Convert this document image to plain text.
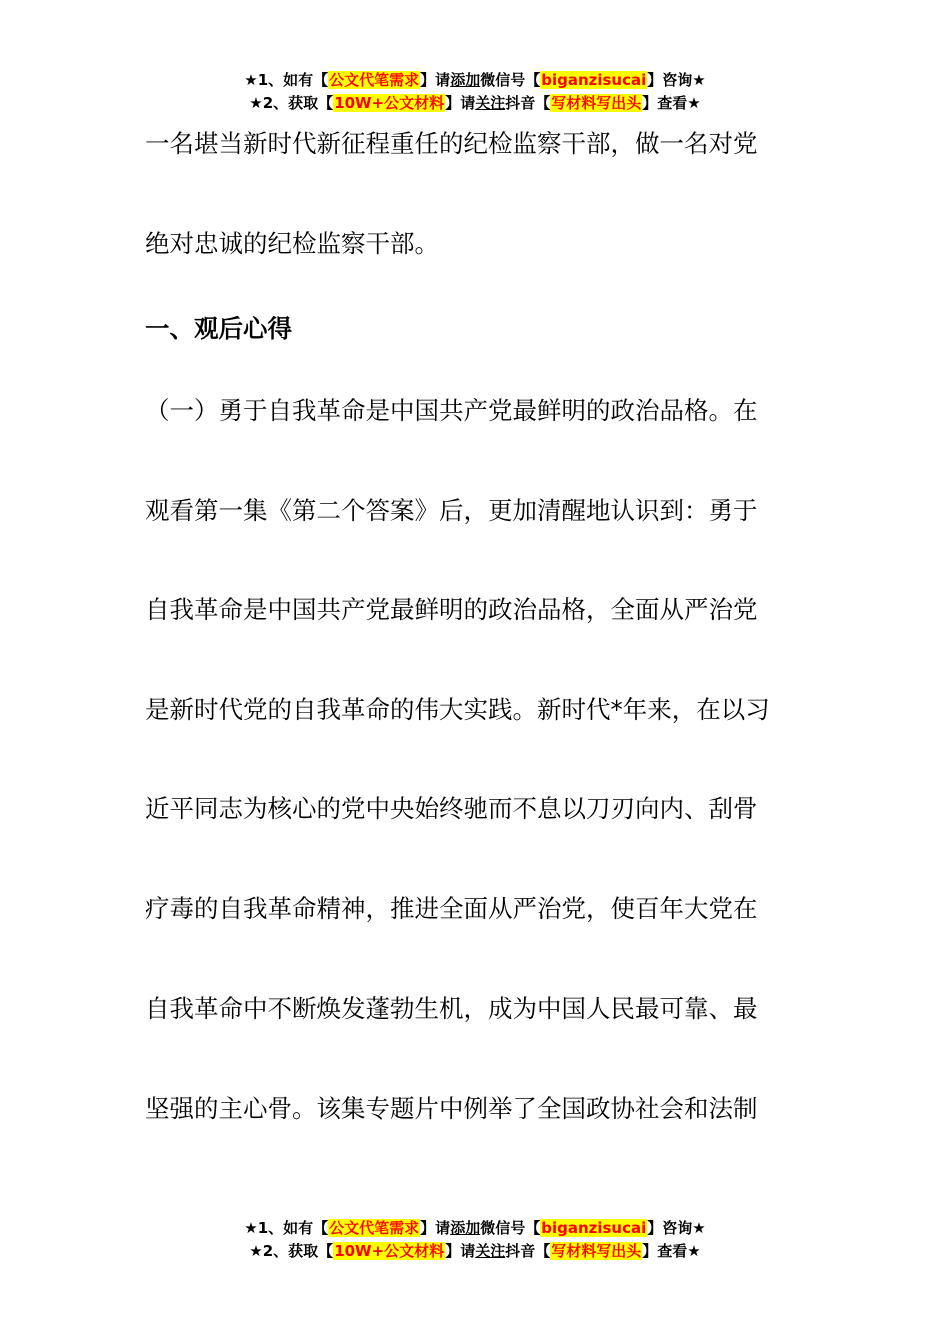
★1、如有【公文代笔需求】请添加微信号【biganzisucai】咨询★
★2、获取【10W+公文材料】请关注抖音【写材料写出头】查看★
一名堪当新时代新征程重任的纪检监察干部，做一名对党
绝对忠诚的纪检监察干部。
一、观后心得
（一）勇于自我革命是中国共产党最鲜明的政治品格。在
观看第一集《第二个答案》后，更加清醒地认识到：勇于
自我革命是中国共产党最鲜明的政治品格，全面从严治党
是新时代党的自我革命的伟大实践。新时代*年来，在以习
近平同志为核心的党中央始终驰而不息以刀刃向内、刮骨
疗毒的自我革命精神，推进全面从严治党，使百年大党在
自我革命中不断焕发蓬勃生机，成为中国人民最可靠、最
坚强的主心骨。该集专题片中例举了全国政协社会和法制
★1、如有【公文代笔需求】请添加微信号【biganzisucai】咨询★
★2、获取【10W+公文材料】请关注抖音【写材料写出头】查看★
